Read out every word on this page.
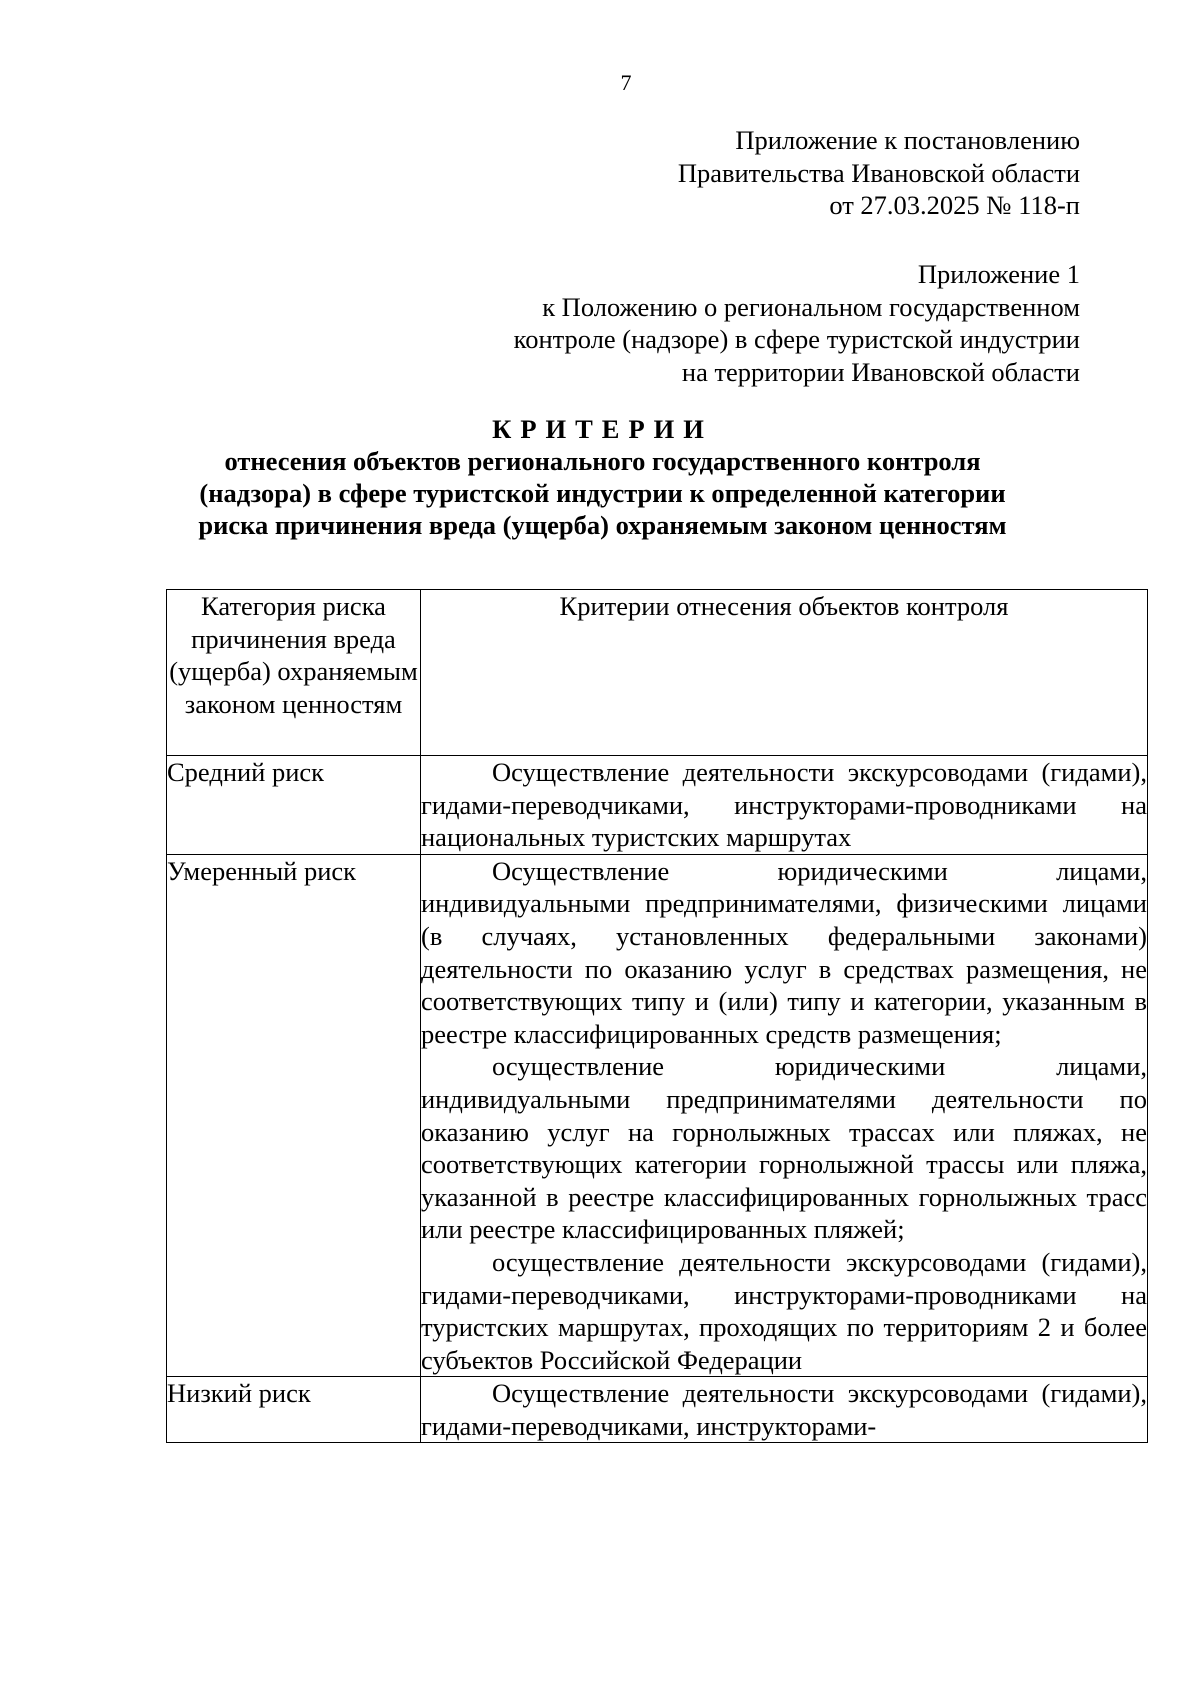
7
Приложение к постановлению
Правительства Ивановской области
от 27.03.2025 № 118-п
Приложение 1
к Положению о региональном государственном
контроле (надзоре) в сфере туристской индустрии
на территории Ивановской области
КРИТЕРИИ
отнесения объектов регионального государственного контроля
(надзора) в сфере туристской индустрии к определенной категории
риска причинения вреда (ущерба) охраняемым законом ценностям
Категория риска причинения вреда (ущерба) охраняемым законом ценностям	Критерии отнесения объектов контроля
Средний риск	Осуществление деятельности экскурсоводами (гидами), гидами-переводчиками, инструкторами-проводниками на национальных туристских маршрутах

Умеренный риск	Осуществление юридическими лицами, индивидуальными предпринимателями, физическими лицами (в случаях, установленных федеральными законами) деятельности по оказанию услуг в средствах размещения, не соответствующих типу и (или) типу и категории, указанным в реестре классифицированных средств размещения;
осуществление юридическими лицами, индивидуальными предпринимателями деятельности по оказанию услуг на горнолыжных трассах или пляжах, не соответствующих категории горнолыжной трассы или пляжа, указанной в реестре классифицированных горнолыжных трасс или реестре классифицированных пляжей;
осуществление деятельности экскурсоводами (гидами), гидами-переводчиками, инструкторами-проводниками на туристских маршрутах, проходящих по территориям 2 и более субъектов Российской Федерации

Низкий риск	Осуществление деятельности экскурсоводами (гидами), гидами-переводчиками, инструкторами-
